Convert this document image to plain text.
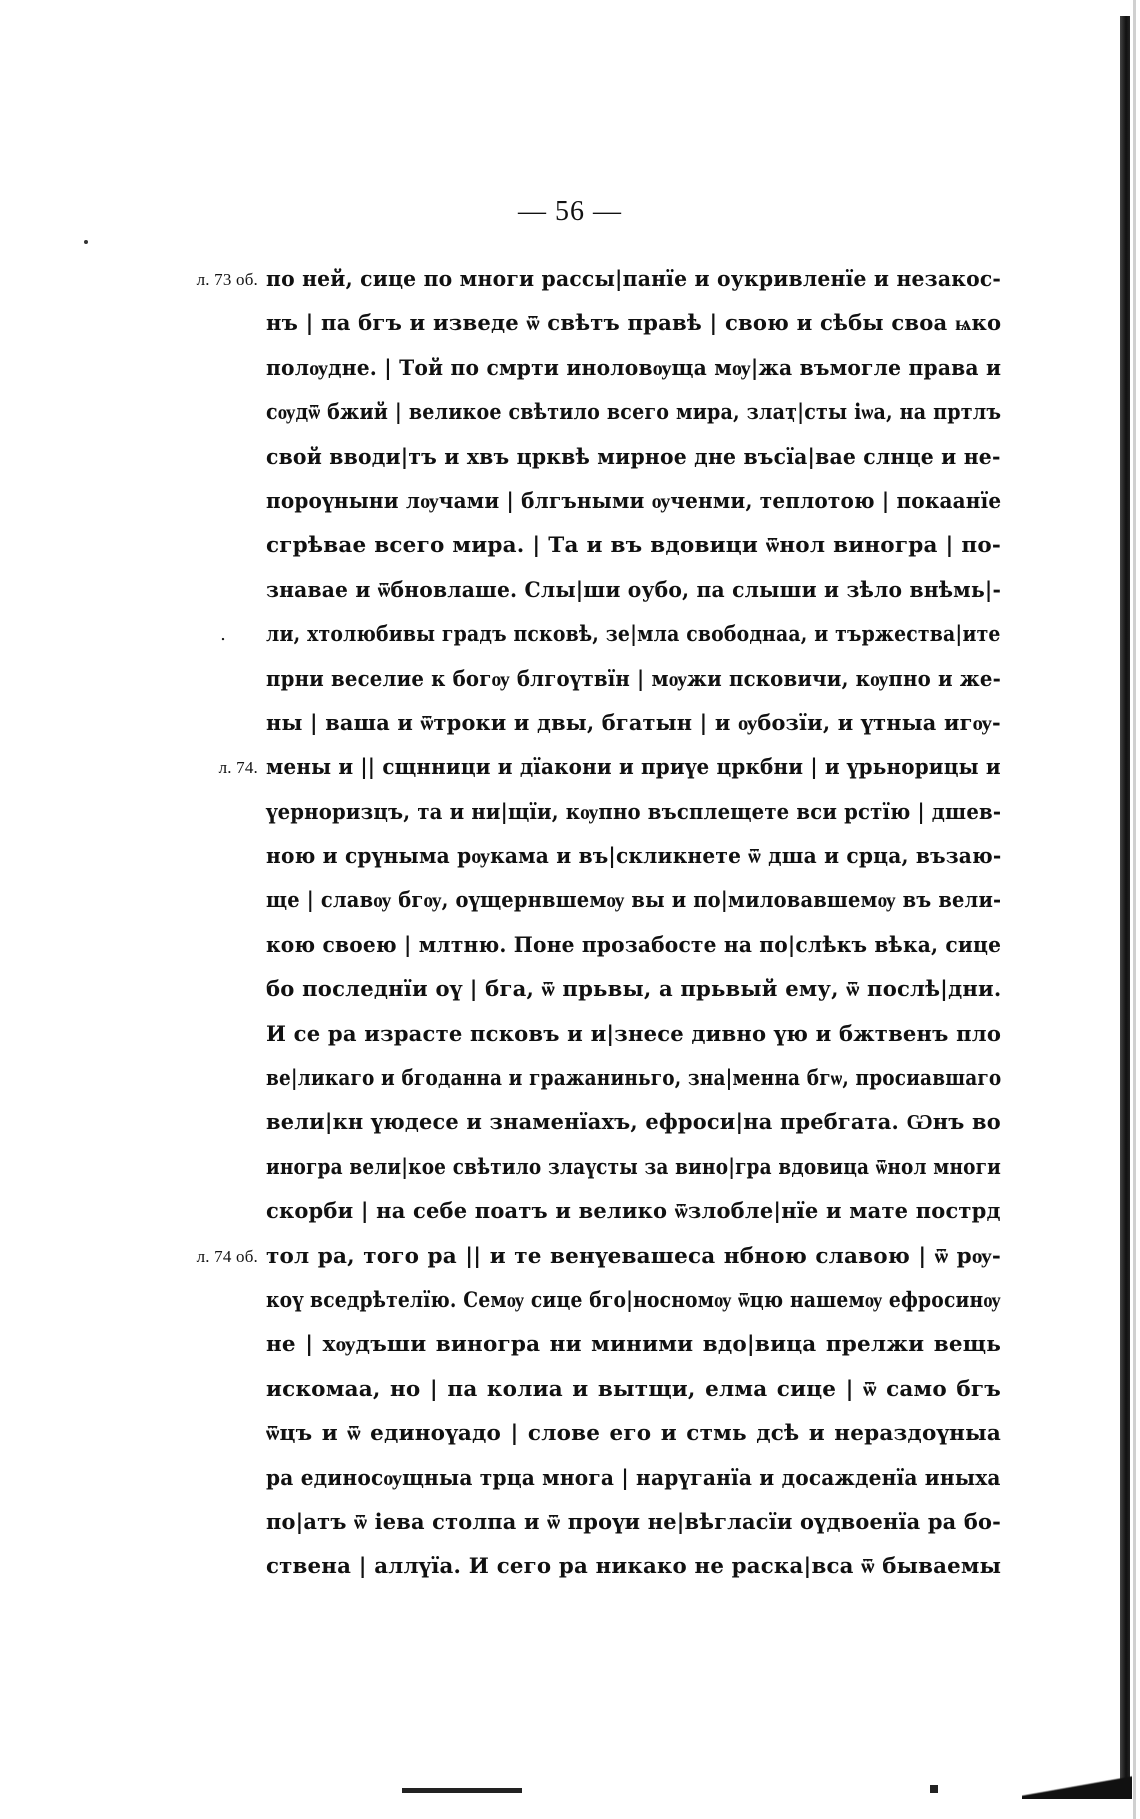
— 56 —
л. 73 об. по ней, сице по многи рассы|панїе и оукривленїе и незакос-
нъ | па бгъ и изведе ѿ свѣтъ правѣ | свою и сѣбы своа ѩко
полѹдне. | Той по смрти иноловѹща мѹ|жа въмогле права и
сѹдѿ бжий | великое свѣтило всего мира, злаҭ|сты іѡа, на пртлъ
свой вводи|тъ и хвъ црквѣ мирное дне въсїа|вае слнце и не-
пороүныни лѹчами | блгъными ѹченми, теплотою | покаанїе
сгрѣвае всего мира. | Та и въ вдовици ѿнол виногра | по-
знавае и ѿбновлаше. Слы|ши оубо, па слыши и зѣло внѣмь|-
. ли, хтолюбивы градъ псковѣ, зе|мла свободнаа, и тържества|ите
прни веселие к богѹ блгоүтвїн | мѹжи псковичи, кѹпно и же-
ны | ваша и ѿтроки и двы, бгатын | и ѹбозїи, и үтныа игѹ-
л. 74. мены и || сщнници и дїакони и приүе цркбни | и үрьнорицы и
үерноризцъ, та и ни|щїи, кѹпно въсплещете вси рстїю | дшев-
ною и срүныма рѹкама и въ|скликнете ѿ дша и срца, възаю-
ще | славѹ бгѹ, оүщернвшемѹ вы и по|миловавшемѹ въ вели-
кою своею | млтню. Поне прозабосте на по|слѣкъ вѣка, сице
бо последнїи оү | бга, ѿ прьвы, а прьвый ему, ѿ послѣ|дни.
И се ра израсте псковъ и и|знесе дивно үю и бжтвенъ пло
ве|ликаго и бгоданна и гражаниньго, зна|менна бгѡ, просиавшаго
вели|кн үюдесе и знаменїахъ, ефроси|на пребгата. Ѡнъ во
иногра вели|кое свѣтило злаүсты за вино|гра вдовица ѿнол многи
скорби | на себе поатъ и велико ѿзлобле|нїе и мате пострд
л. 74 об. тол ра, того ра || и те венүевашеса нбною славою | ѿ рѹ-
коү вседрѣтелїю. Семѹ сице бго|носномѹ ѿцю нашемѹ ефросинѹ
не | хѹдъши виногра ни миними вдо|вица прелжи вещь
искомаа, но | па колиа и вытщи, елма сице | ѿ само бгъ
ѿцъ и ѿ единоүадо | слове его и стмь дсѣ и нераздоүныа
ра единосѹщныа трца многа | нарүганїа и досажденїа иныха
по|атъ ѿ іева столпа и ѿ проүи не|вѣгласїи оүдвоенїа ра бо-
ствена | аллүїа. И сего ра никако не раска|вса ѿ бываемы
